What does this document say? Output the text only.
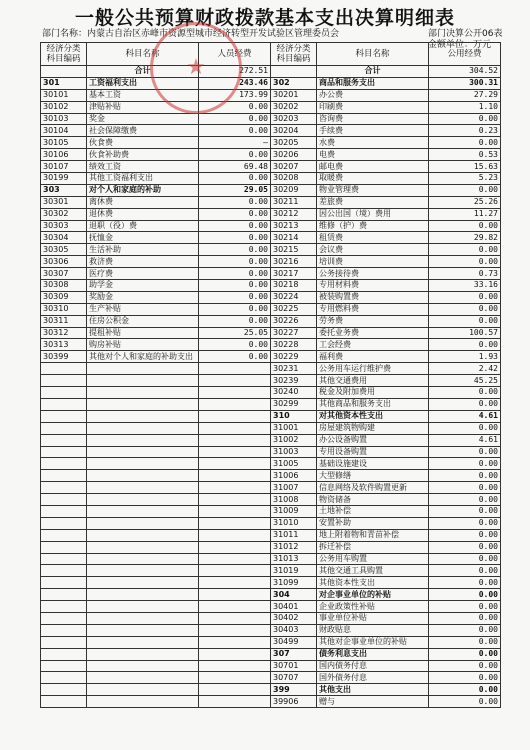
一般公共预算财政拨款基本支出决算明细表
部门名称：内蒙古自治区赤峰市资源型城市经济转型开发试验区管理委员会	部门决算公开06表
金额单位：万元
经济分类科目编码	科目名称	人员经费	经济分类科目编码	科目名称	公用经费
	合计	272.51		合计	304.52
301	工资福利支出	243.46	302	商品和服务支出	300.31
30101	基本工资	173.99	30201	办公费	27.29
30102	津贴补贴	0.00	30202	印刷费	1.10
30103	奖金	0.00	30203	咨询费	0.00
30104	社会保障缴费	0.00	30204	手续费	0.23
30105	伙食费	—	30205	水费	0.00
30106	伙食补助费	0.00	30206	电费	0.53
30107	绩效工资	69.48	30207	邮电费	15.63
30199	其他工资福利支出	0.00	30208	取暖费	5.23
303	对个人和家庭的补助	29.05	30209	物业管理费	0.00
30301	离休费	0.00	30211	差旅费	25.26
30302	退休费	0.00	30212	因公出国（境）费用	11.27
30303	退职（役）费	0.00	30213	维修（护）费	0.00
30304	抚恤金	0.00	30214	租赁费	29.82
30305	生活补助	0.00	30215	会议费	0.00
30306	救济费	0.00	30216	培训费	0.00
30307	医疗费	0.00	30217	公务接待费	0.73
30308	助学金	0.00	30218	专用材料费	33.16
30309	奖励金	0.00	30224	被装购置费	0.00
30310	生产补贴	0.00	30225	专用燃料费	0.00
30311	住房公积金	0.00	30226	劳务费	0.00
30312	提租补贴	25.05	30227	委托业务费	100.57
30313	购房补贴	0.00	30228	工会经费	0.00
30399	其他对个人和家庭的补助支出	0.00	30229	福利费	1.93
			30231	公务用车运行维护费	2.42
			30239	其他交通费用	45.25
			30240	税金及附加费用	0.00
			30299	其他商品和服务支出	0.00
			310	对其他资本性支出	4.61
			31001	房屋建筑物购建	0.00
			31002	办公设备购置	4.61
			31003	专用设备购置	0.00
			31005	基础设施建设	0.00
			31006	大型修缮	0.00
			31007	信息网络及软件购置更新	0.00
			31008	物资储备	0.00
			31009	土地补偿	0.00
			31010	安置补助	0.00
			31011	地上附着物和青苗补偿	0.00
			31012	拆迁补偿	0.00
			31013	公务用车购置	0.00
			31019	其他交通工具购置	0.00
			31099	其他资本性支出	0.00
			304	对企事业单位的补贴	0.00
			30401	企业政策性补贴	0.00
			30402	事业单位补贴	0.00
			30403	财政贴息	0.00
			30499	其他对企事业单位的补贴	0.00
			307	债务利息支出	0.00
			30701	国内债务付息	0.00
			30707	国外债务付息	0.00
			399	其他支出	0.00
			39906	赠与	0.00
★
